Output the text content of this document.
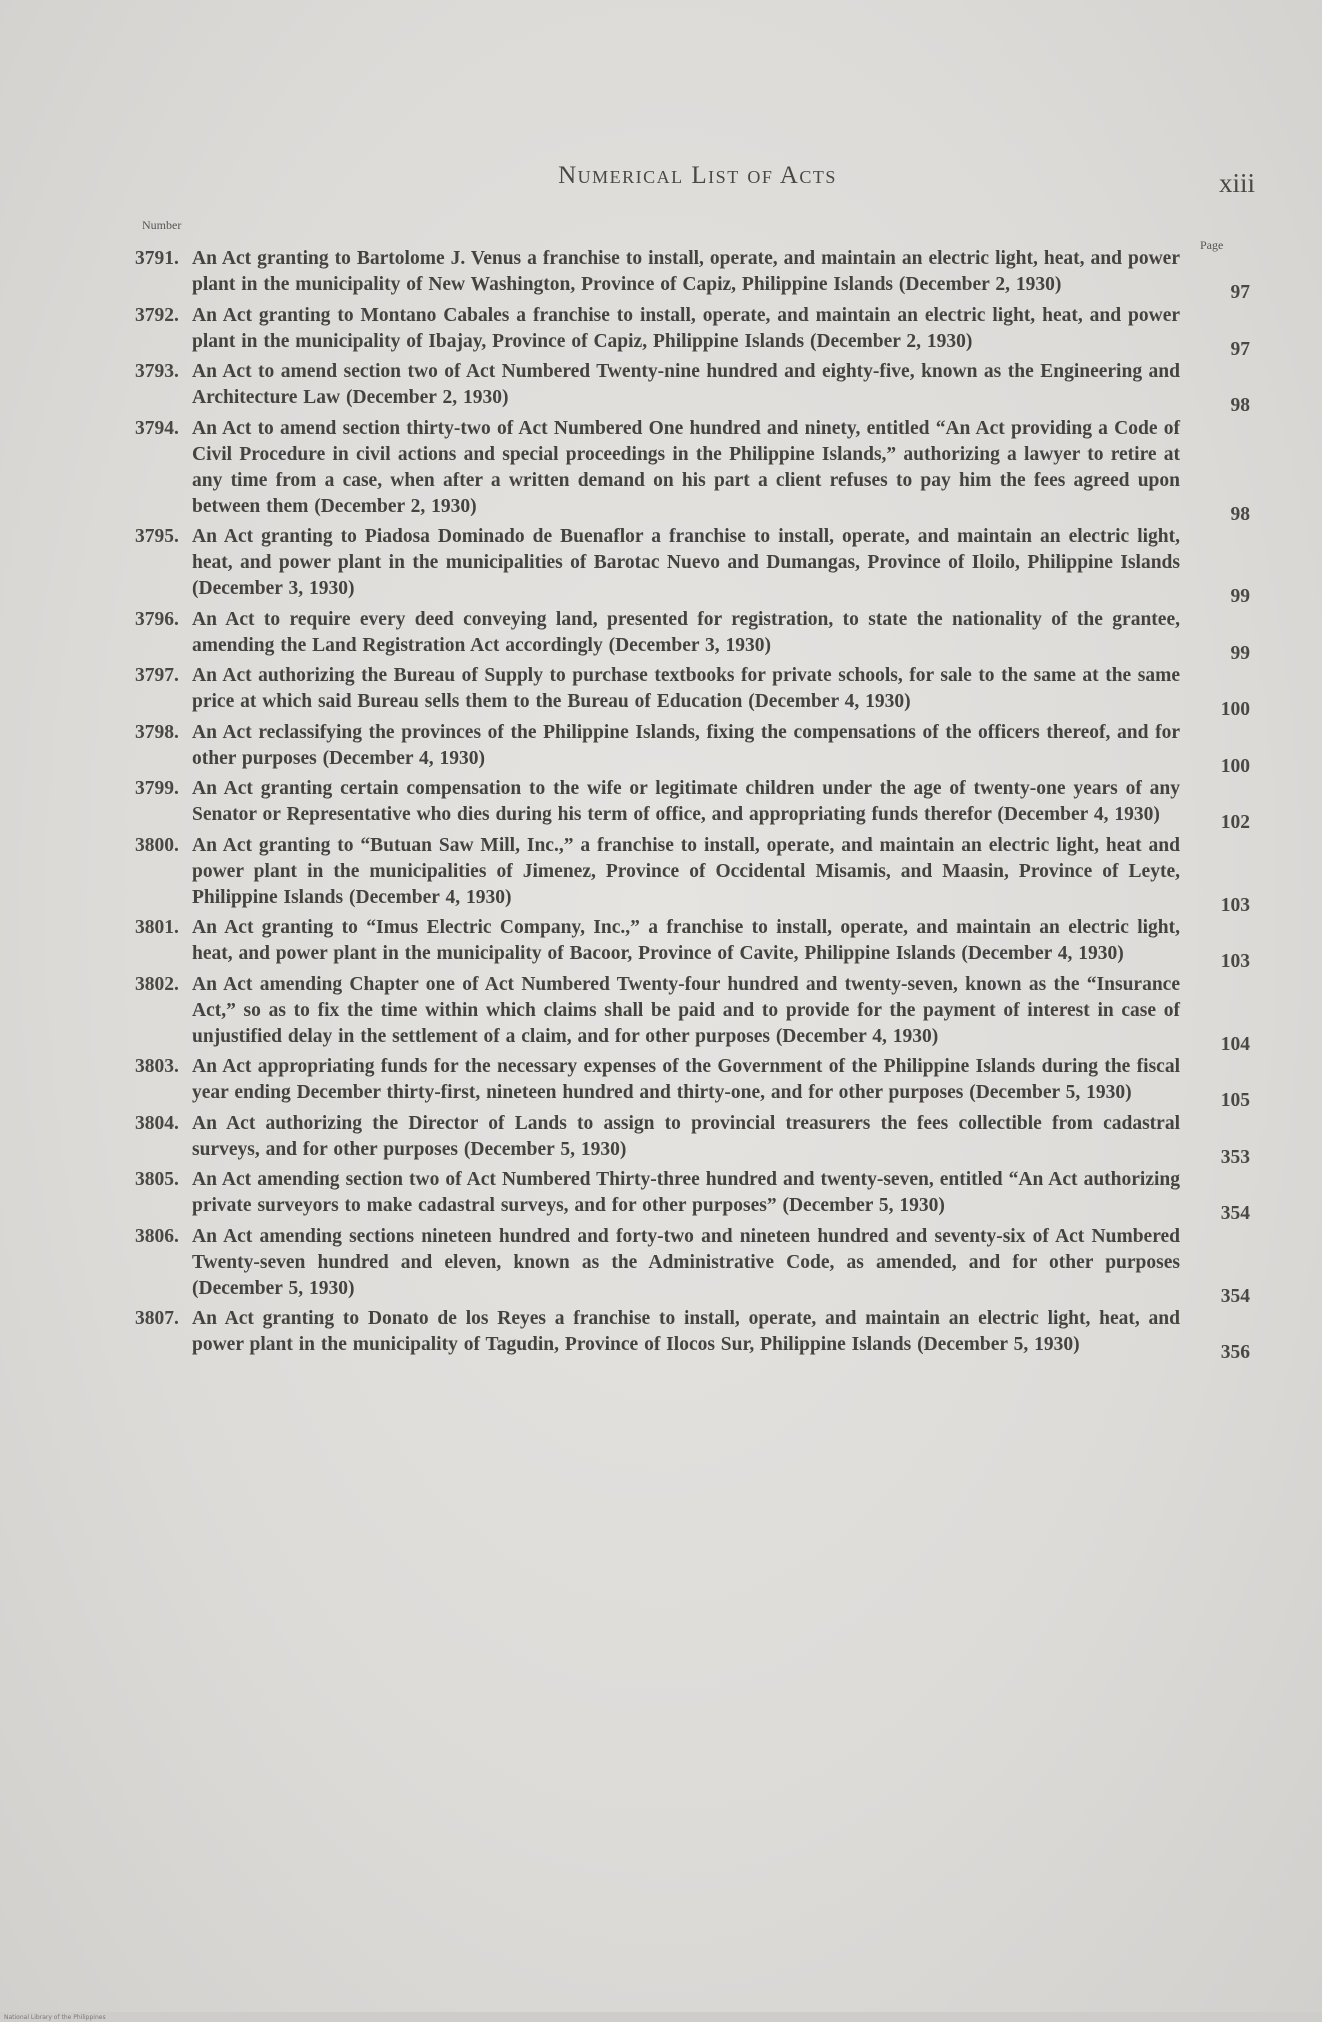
Numerical List of Acts	xiii
Number
Page
3791. An Act granting to Bartolome J. Venus a franchise to install, operate, and maintain an electric light, heat, and power plant in the municipality of New Washington, Province of Capiz, Philippine Islands (December 2, 1930)	97
3792. An Act granting to Montano Cabales a franchise to install, operate, and maintain an electric light, heat, and power plant in the municipality of Ibajay, Province of Capiz, Philippine Islands (December 2, 1930)	97
3793. An Act to amend section two of Act Numbered Twenty-nine hundred and eighty-five, known as the Engineering and Architecture Law (December 2, 1930)	98
3794. An Act to amend section thirty-two of Act Numbered One hundred and ninety, entitled “An Act providing a Code of Civil Procedure in civil actions and special proceedings in the Philippine Islands,” authorizing a lawyer to retire at any time from a case, when after a written demand on his part a client refuses to pay him the fees agreed upon between them (December 2, 1930)	98
3795. An Act granting to Piadosa Dominado de Buenaflor a franchise to install, operate, and maintain an electric light, heat, and power plant in the municipalities of Barotac Nuevo and Dumangas, Province of Iloilo, Philippine Islands (December 3, 1930)	99
3796. An Act to require every deed conveying land, presented for registration, to state the nationality of the grantee, amending the Land Registration Act accordingly (December 3, 1930)	99
3797. An Act authorizing the Bureau of Supply to purchase textbooks for private schools, for sale to the same at the same price at which said Bureau sells them to the Bureau of Education (December 4, 1930)	100
3798. An Act reclassifying the provinces of the Philippine Islands, fixing the compensations of the officers thereof, and for other purposes (December 4, 1930)	100
3799. An Act granting certain compensation to the wife or legitimate children under the age of twenty-one years of any Senator or Representative who dies during his term of office, and appropriating funds therefor (December 4, 1930)	102
3800. An Act granting to “Butuan Saw Mill, Inc.,” a franchise to install, operate, and maintain an electric light, heat and power plant in the municipalities of Jimenez, Province of Occidental Misamis, and Maasin, Province of Leyte, Philippine Islands (December 4, 1930)	103
3801. An Act granting to “Imus Electric Company, Inc.,” a franchise to install, operate, and maintain an electric light, heat, and power plant in the municipality of Bacoor, Province of Cavite, Philippine Islands (December 4, 1930)	103
3802. An Act amending Chapter one of Act Numbered Twenty-four hundred and twenty-seven, known as the “Insurance Act,” so as to fix the time within which claims shall be paid and to provide for the payment of interest in case of unjustified delay in the settlement of a claim, and for other purposes (December 4, 1930)	104
3803. An Act appropriating funds for the necessary expenses of the Government of the Philippine Islands during the fiscal year ending December thirty-first, nineteen hundred and thirty-one, and for other purposes (December 5, 1930)	105
3804. An Act authorizing the Director of Lands to assign to provincial treasurers the fees collectible from cadastral surveys, and for other purposes (December 5, 1930)	353
3805. An Act amending section two of Act Numbered Thirty-three hundred and twenty-seven, entitled “An Act authorizing private surveyors to make cadastral surveys, and for other purposes” (December 5, 1930)	354
3806. An Act amending sections nineteen hundred and forty-two and nineteen hundred and seventy-six of Act Numbered Twenty-seven hundred and eleven, known as the Administrative Code, as amended, and for other purposes (December 5, 1930)	354
3807. An Act granting to Donato de los Reyes a franchise to install, operate, and maintain an electric light, heat, and power plant in the municipality of Tagudin, Province of Ilocos Sur, Philippine Islands (December 5, 1930)	356
National Library of the Philippines
